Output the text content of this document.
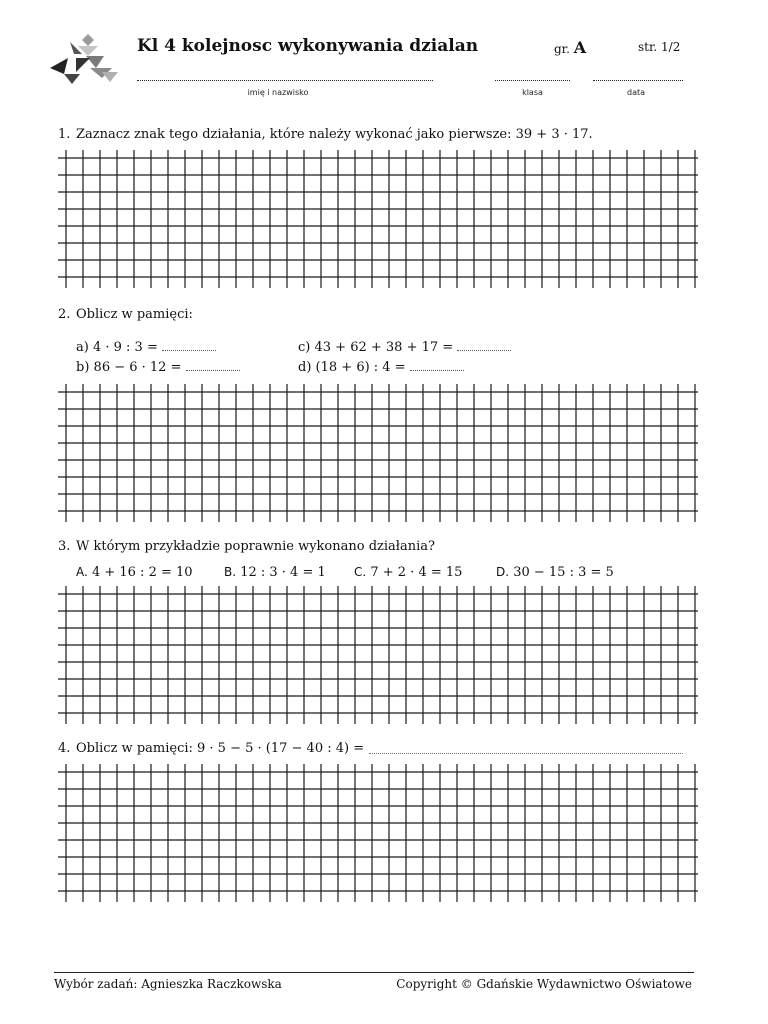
Kl 4 kolejnosc wykonywania dzialan	gr. A	str. 1/2
imię i nazwisko	klasa	data
1. Zaznacz znak tego działania, które należy wykonać jako pierwsze: 39 + 3 · 17.
2. Oblicz w pamięci:
a) 4 · 9 : 3 =
b) 86 − 6 · 12 =
c) 43 + 62 + 38 + 17 =
d) (18 + 6) : 4 =
3. W którym przykładzie poprawnie wykonano działania?
A. 4 + 16 : 2 = 10	B. 12 : 3 · 4 = 1 C. 7 + 2 · 4 = 15	D. 30 − 15 : 3 = 5
4. Oblicz w pamięci: 9 · 5 − 5 · (17 − 40 : 4) =
Wybór zadań: Agnieszka Raczkowska	Copyright © Gdańskie Wydawnictwo Oświatowe
